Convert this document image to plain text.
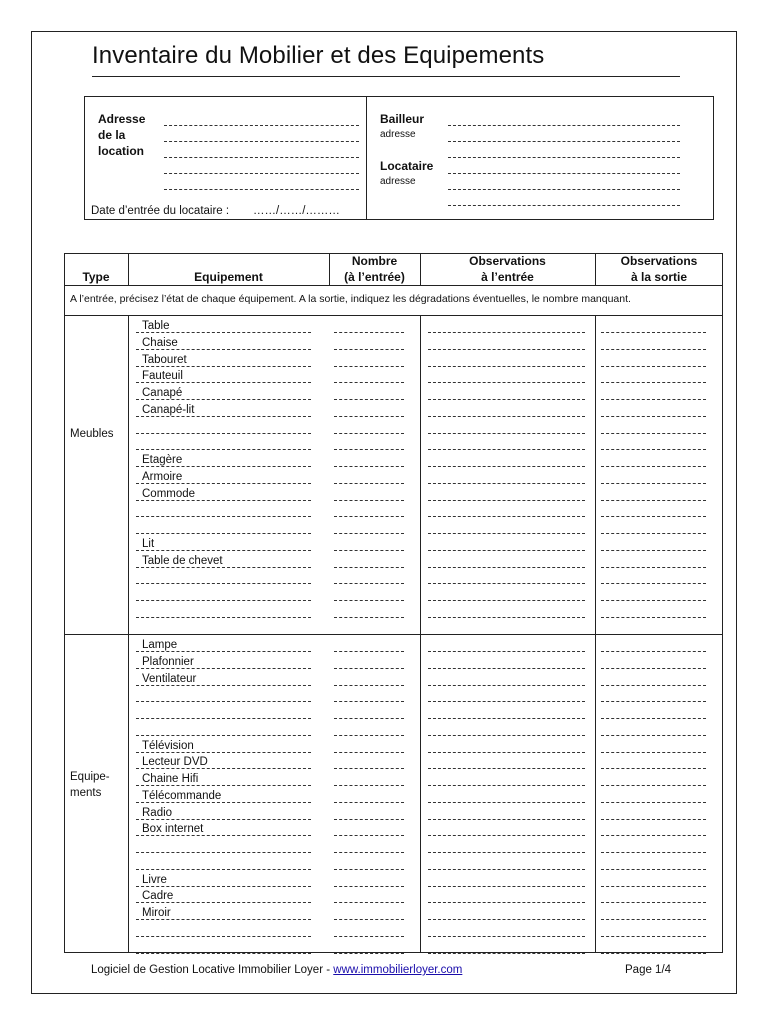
Inventaire du Mobilier et des Equipements
Adresse
de la
location
Date d’entrée du locataire : ……/……/………
Bailleur
adresse
Locataire
adresse
Type	Equipement
Nombre
(à l’entrée)
Observations
à l’entrée
Observations
à la sortie
A l’entrée, précisez l’état de chaque équipement. A la sortie, indiquez les dégradations éventuelles, le nombre manquant.
Meubles
Equipe-
ments
Table
Chaise
Tabouret
Fauteuil
Canapé
Canapé-lit
Etagère
Armoire
Commode
Lit
Table de chevet
Lampe
Plafonnier
Ventilateur
Télévision
Lecteur DVD
Chaine Hifi
Télécommande
Radio
Box internet
Livre
Cadre
Miroir
Logiciel de Gestion Locative Immobilier Loyer - www.immobilierloyer.com	Page 1/4
